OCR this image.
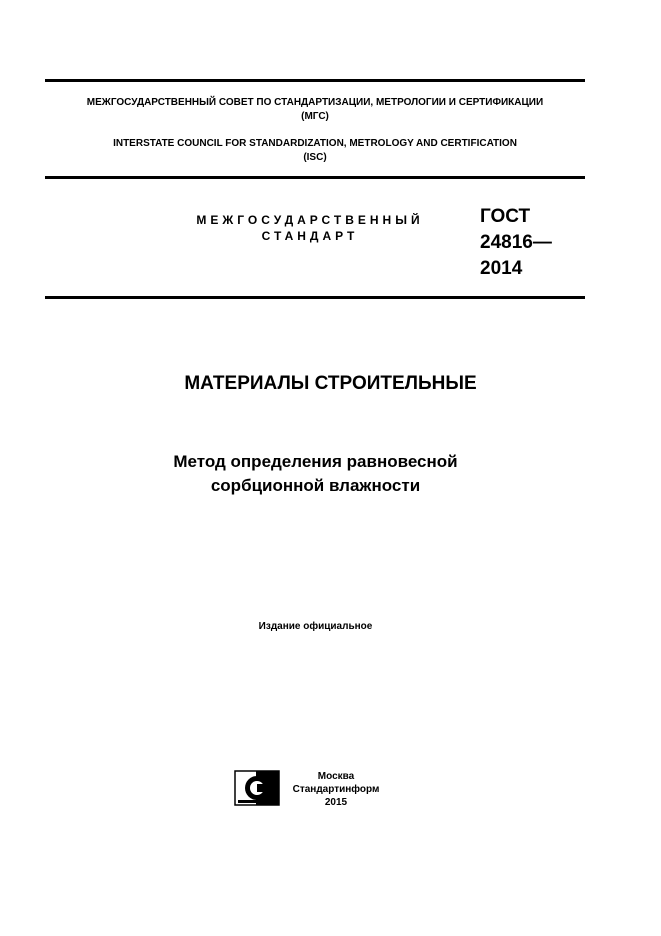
МЕЖГОСУДАРСТВЕННЫЙ СОВЕТ ПО СТАНДАРТИЗАЦИИ, МЕТРОЛОГИИ И СЕРТИФИКАЦИИ
(МГС)
INTERSTATE COUNCIL FOR STANDARDIZATION, METROLOGY AND CERTIFICATION
(ISC)
МЕЖГОСУДАРСТВЕННЫЙ
СТАНДАРТ
ГОСТ
24816—
2014
МАТЕРИАЛЫ СТРОИТЕЛЬНЫЕ
Метод определения равновесной
сорбционной влажности
Издание официальное
Москва
Стандартинформ
2015
